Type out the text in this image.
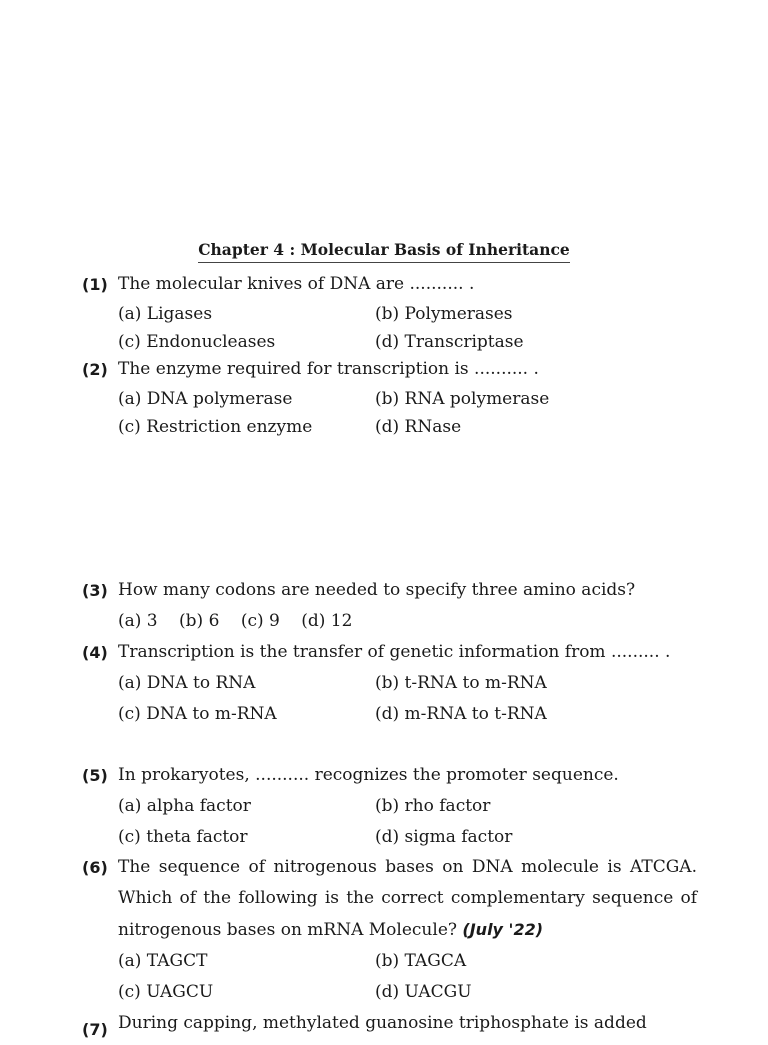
Chapter 4 : Molecular Basis of Inheritance
(1) The molecular knives of DNA are .......... .
(a) Ligases	(b) Polymerases
(c) Endonucleases	(d) Transcriptase
(2) The enzyme required for transcription is .......... .
(a) DNA polymerase	(b) RNA polymerase
(c) Restriction enzyme	(d) RNase
(3) How many codons are needed to specify three amino acids?
(a) 3 (b) 6 (c) 9 (d) 12
(4) Transcription is the transfer of genetic information from ......... .
(a) DNA to RNA	(b) t-RNA to m-RNA
(c) DNA to m-RNA	(d) m-RNA to t-RNA
(5) In prokaryotes, .......... recognizes the promoter sequence.
(a) alpha factor	(b) rho factor
(c) theta factor	(d) sigma factor
(6) The sequence of nitrogenous bases on DNA molecule is ATCGA. Which of the following is the correct complementary sequence of nitrogenous bases on mRNA Molecule? (July '22)
(a) TAGCT	(b) TAGCA
(c) UAGCU	(d) UACGU
(7) During capping, methylated guanosine triphosphate is added
